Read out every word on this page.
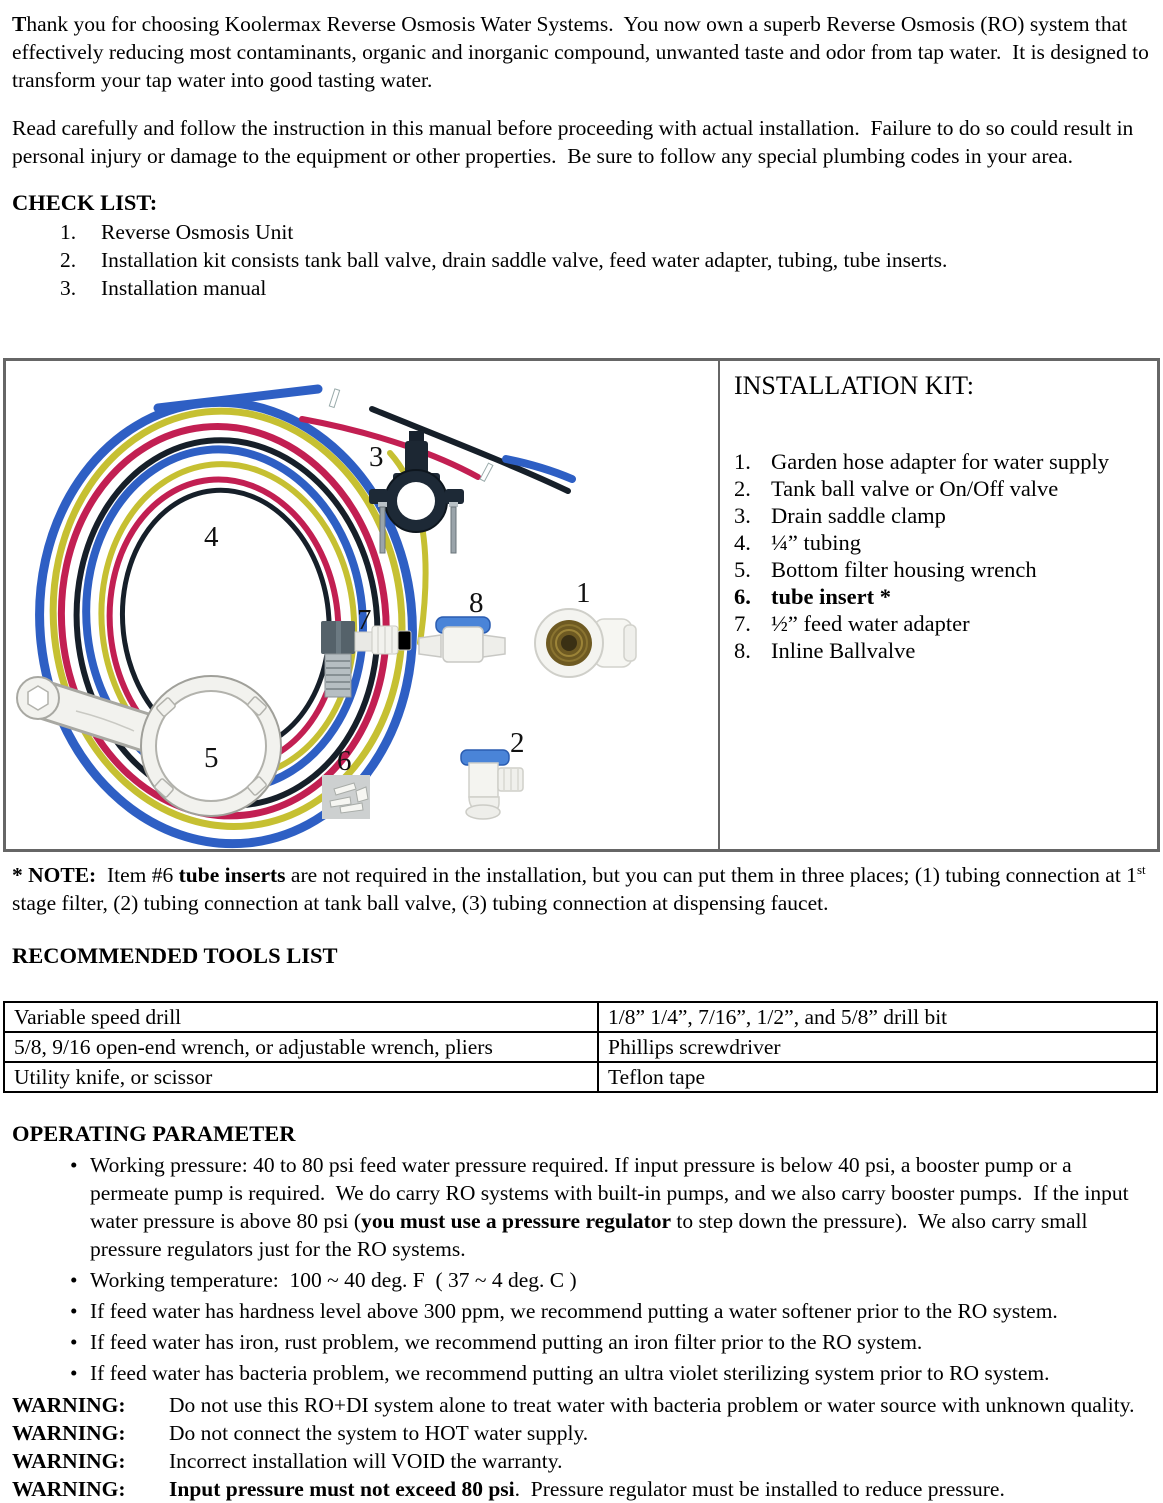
Thank you for choosing Koolermax Reverse Osmosis Water Systems.  You now own a superb Reverse Osmosis (RO) system that effectively reducing most contaminants, organic and inorganic compound, unwanted taste and odor from tap water.  It is designed to transform your tap water into good tasting water.

Read carefully and follow the instruction in this manual before proceeding with actual installation.  Failure to do so could result in personal injury or damage to the equipment or other properties.  Be sure to follow any special plumbing codes in your area.

CHECK LIST:
1.	Reverse Osmosis Unit
2.	Installation kit consists tank ball valve, drain saddle valve, feed water adapter, tubing, tube inserts.
3.	Installation manual
1
2
3
4
5	6
7
8
INSTALLATION KIT:
1. Garden hose adapter for water supply
2. Tank ball valve or On/Off valve
3. Drain saddle clamp
4. ¼” tubing
5. Bottom filter housing wrench
6. tube insert *
7. ½” feed water adapter
8. Inline Ballvalve

* NOTE:  Item #6 tube inserts are not required in the installation, but you can put them in three places; (1) tubing connection at 1st stage filter, (2) tubing connection at tank ball valve, (3) tubing connection at dispensing faucet.

RECOMMENDED TOOLS LIST
Variable speed drill	1/8” 1/4”, 7/16”, 1/2”, and 5/8” drill bit
5/8, 9/16 open-end wrench, or adjustable wrench, pliers	Phillips screwdriver
Utility knife, or scissor	Teflon tape
OPERATING PARAMETER
• Working pressure: 40 to 80 psi feed water pressure required. If input pressure is below 40 psi, a booster pump or a permeate pump is required.  We do carry RO systems with built-in pumps, and we also carry booster pumps.  If the input water pressure is above 80 psi (you must use a pressure regulator to step down the pressure).  We also carry small pressure regulators just for the RO systems.
• Working temperature:  100 ~ 40 deg. F  ( 37 ~ 4 deg. C )
• If feed water has hardness level above 300 ppm, we recommend putting a water softener prior to the RO system.
• If feed water has iron, rust problem, we recommend putting an iron filter prior to the RO system.
• If feed water has bacteria problem, we recommend putting an ultra violet sterilizing system prior to RO system.
WARNING:	Do not use this RO+DI system alone to treat water with bacteria problem or water source with unknown quality.
WARNING:	Do not connect the system to HOT water supply.
WARNING:	Incorrect installation will VOID the warranty.
WARNING:	Input pressure must not exceed 80 psi.  Pressure regulator must be installed to reduce pressure.
